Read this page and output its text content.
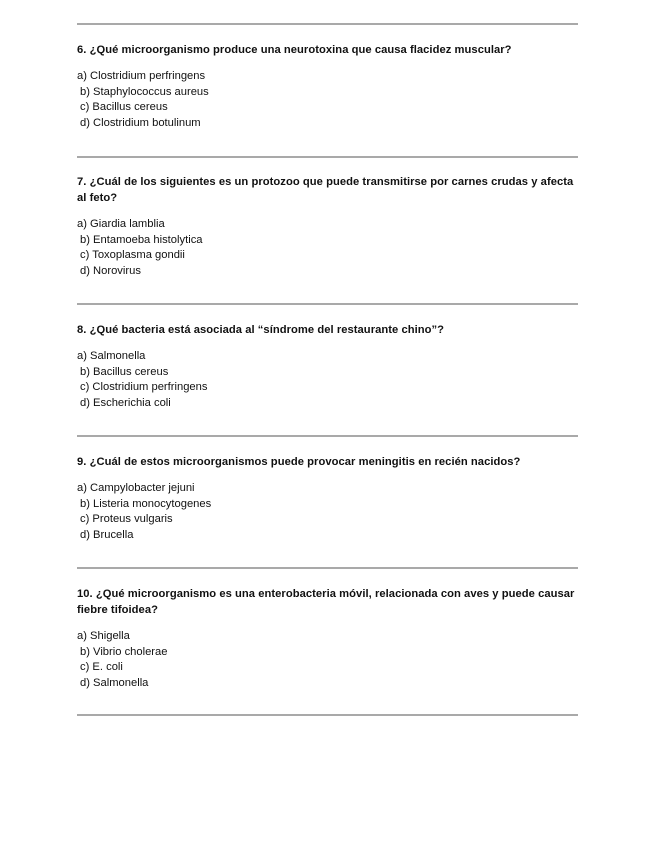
6. ¿Qué microorganismo produce una neurotoxina que causa flacidez muscular?

a) Clostridium perfringens
b) Staphylococcus aureus
c) Bacillus cereus
d) Clostridium botulinum

7. ¿Cuál de los siguientes es un protozoo que puede transmitirse por carnes crudas y afecta al feto?

a) Giardia lamblia
b) Entamoeba histolytica
c) Toxoplasma gondii
d) Norovirus

8. ¿Qué bacteria está asociada al “síndrome del restaurante chino”?

a) Salmonella
b) Bacillus cereus
c) Clostridium perfringens
d) Escherichia coli

9. ¿Cuál de estos microorganismos puede provocar meningitis en recién nacidos?

a) Campylobacter jejuni
b) Listeria monocytogenes
c) Proteus vulgaris
d) Brucella

10. ¿Qué microorganismo es una enterobacteria móvil, relacionada con aves y puede causar fiebre tifoidea?

a) Shigella
b) Vibrio cholerae
c) E. coli
d) Salmonella
